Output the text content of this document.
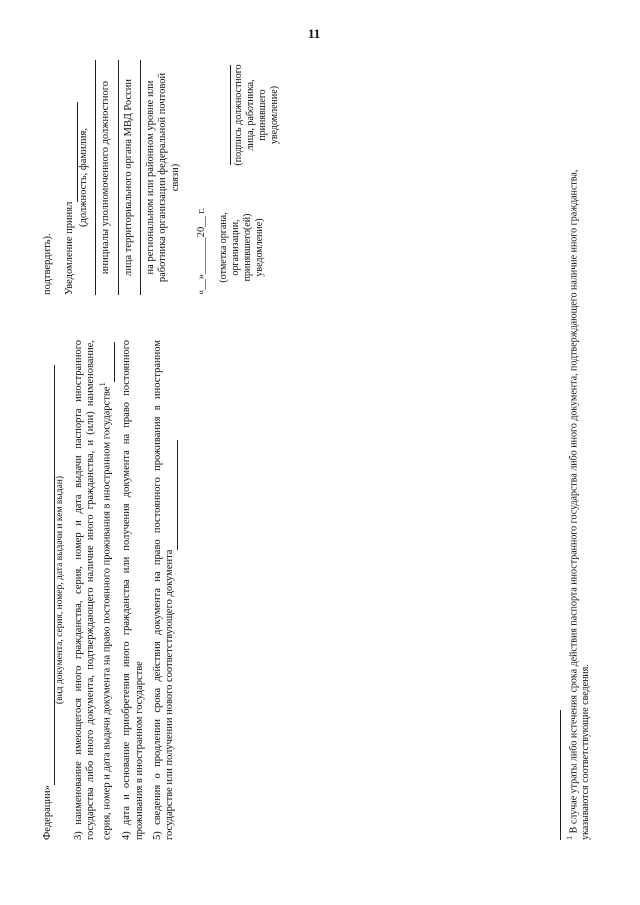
11
Федерации»
(вид документа, серия, номер, дата выдачи и кем выдан) 3) наименование имеющегося иного гражданства, серия, номер и дата выдачи паспорта иностранного государства либо иного документа, подтверждающего наличие иного гражданства, и (или) наименование, серия, номер и дата выдачи документа на право постоянного проживания в иностранном государстве$^1$	4) дата и основание приобретения иного гражданства или получения документа на право постоянного проживания в иностранном государстве 5) сведения о продлении срока действия документа на право постоянного проживания в иностранном государстве или получении нового соответствующего документа
подтвердить). Уведомление принял
(должность, фамилия, инициалы уполномоченного должностного лица территориального органа МВД России на региональном или районном уровне или работника организации федеральной почтовой связи)
«__»_______20__ г. (отметка органа, организации, принявшего(ей) уведомление)

(подпись должностного лица, работника, принявшего уведомление)
$^1$ В случае утраты либо истечения срока действия паспорта иностранного государства либо иного документа, подтверждающего наличие иного гражданства, указываются соответствующие сведения.
